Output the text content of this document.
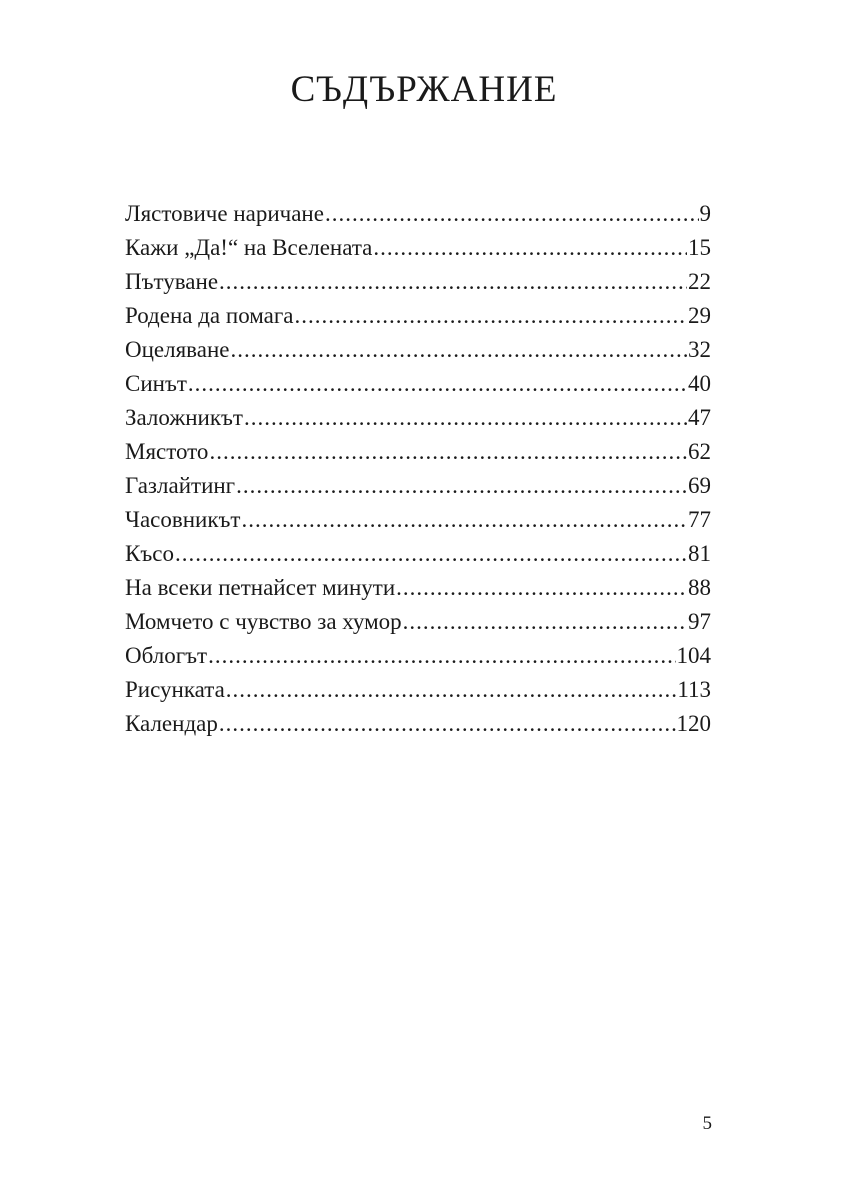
СЪДЪРЖАНИЕ
Лястовиче наричане .....	9
Кажи „Да!“ на Вселената .....	15
Пътуване .....	22
Родена да помага .....	29
Оцеляване .....	32
Синът .....	40
Заложникът .....	47
Мястото .....	62
Газлайтинг .....	69
Часовникът .....	77
Късо .....	81
На всеки петнайсет минути .....	88
Момчето с чувство за хумор .....	97
Облогът .....	104
Рисунката .....	113
Календар .....	120
5
